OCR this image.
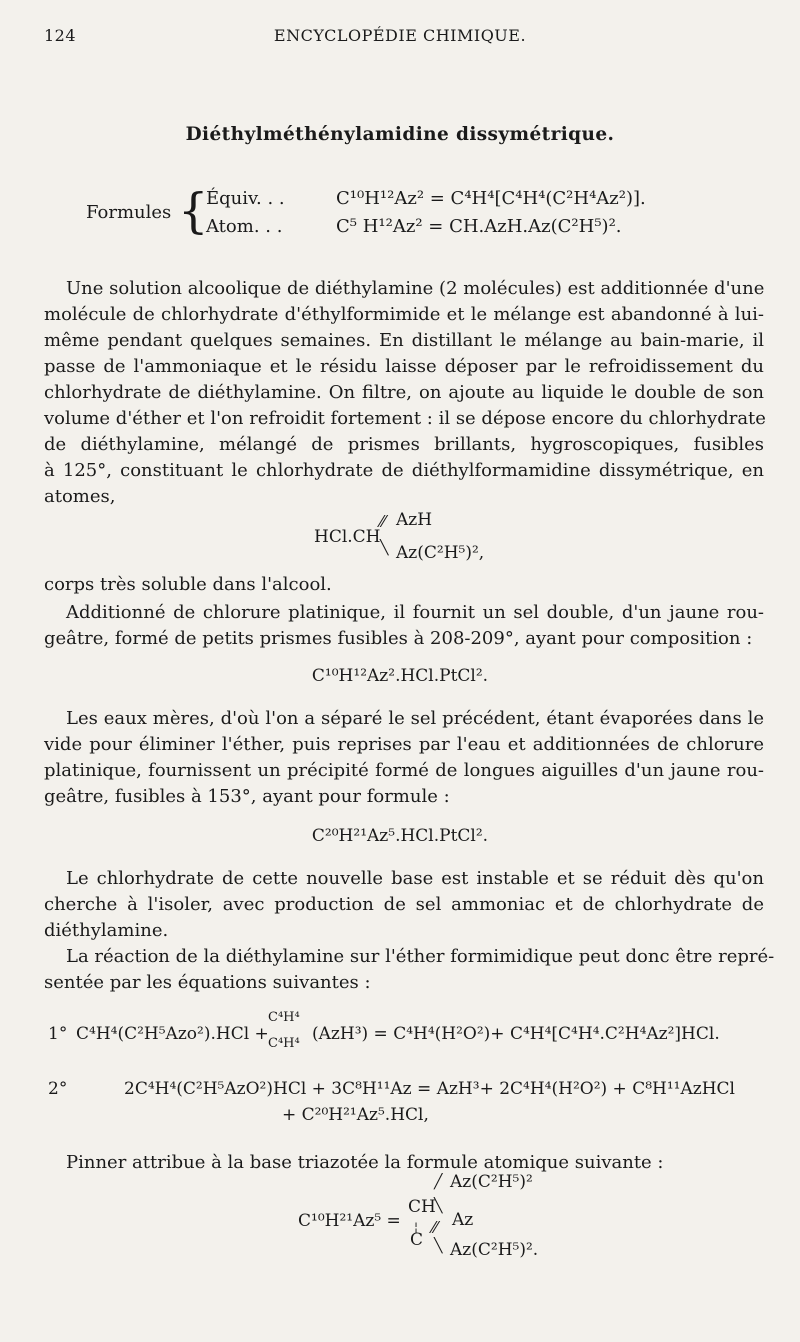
124	ENCYCLOPÉDIE CHIMIQUE.
Diéthylméthénylamidine dissymétrique.
Formules {
Équiv. . .	C¹⁰H¹²Az² = C⁴H⁴[C⁴H⁴(C²H⁴Az²)].
Atom. . .	C⁵ H¹²Az² = CH.AzH.Az(C²H⁵)².
Une solution alcoolique de diéthylamine (2 molécules) est additionnée d'une
molécule de chlorhydrate d'éthylformimide et le mélange est abandonné à lui-
même pendant quelques semaines. En distillant le mélange au bain-marie, il
passe de l'ammoniaque et le résidu laisse déposer par le refroidissement du
chlorhydrate de diéthylamine. On filtre, on ajoute au liquide le double de son
volume d'éther et l'on refroidit fortement : il se dépose encore du chlorhydrate
de diéthylamine, mélangé de prismes brillants, hygroscopiques, fusibles
à 125°, constituant le chlorhydrate de diéthylformamidine dissymétrique, en
atomes,
HCl.CH
⁄⁄ AzH
╲ Az(C²H⁵)²,
corps très soluble dans l'alcool.
Additionné de chlorure platinique, il fournit un sel double, d'un jaune rou-
geâtre, formé de petits prismes fusibles à 208-209°, ayant pour composition :
C¹⁰H¹²Az².HCl.PtCl².
Les eaux mères, d'où l'on a séparé le sel précédent, étant évaporées dans le
vide pour éliminer l'éther, puis reprises par l'eau et additionnées de chlorure
platinique, fournissent un précipité formé de longues aiguilles d'un jaune rou-
geâtre, fusibles à 153°, ayant pour formule :
C²⁰H²¹Az⁵.HCl.PtCl².
Le chlorhydrate de cette nouvelle base est instable et se réduit dès qu'on
cherche à l'isoler, avec production de sel ammoniac et de chlorhydrate de
diéthylamine.
La réaction de la diéthylamine sur l'éther formimidique peut donc être repré-
sentée par les équations suivantes :
1° C⁴H⁴(C²H⁵Azo²).HCl +
C⁴H⁴
C⁴H⁴ (AzH³) = C⁴H⁴(H²O²)+ C⁴H⁴[C⁴H⁴.C²H⁴Az²]HCl.
2°	2C⁴H⁴(C²H⁵AzO²)HCl + 3C⁸H¹¹Az = AzH³+ 2C⁴H⁴(H²O²) + C⁸H¹¹AzHCl
+ C²⁰H²¹Az⁵.HCl,
Pinner attribue à la base triazotée la formule atomique suivante :
C¹⁰H²¹Az⁵ =
CH
¦
C
╱ Az(C²H⁵)²
╲
Az
⁄⁄
╲ Az(C²H⁵)².
